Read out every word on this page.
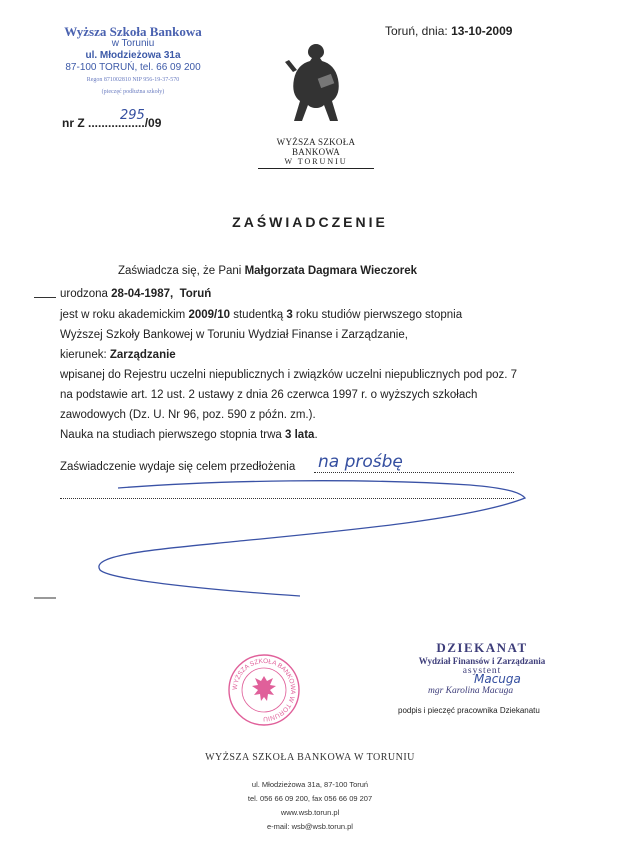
Wyższa Szkoła Bankowa
w Toruniu
ul. Młodzieżowa 31a
87-100 TORUŃ, tel. 66 09 200
Regon 871002810 NIP 956-19-37-570
(pieczęć podłużna szkoły)
Toruń, dnia: 13-10-2009
nr Z ................./09
295
WYŻSZA SZKOŁA BANKOWA
W TORUNIU
ZAŚWIADCZENIE
Zaświadcza się, że Pani Małgorzata Dagmara Wieczorek
urodzona 28-04-1987, Toruń
jest w roku akademickim 2009/10 studentką 3 roku studiów pierwszego stopnia
Wyższej Szkoły Bankowej w Toruniu Wydział Finanse i Zarządzanie,
kierunek: Zarządzanie
wpisanej do Rejestru uczelni niepublicznych i związków uczelni niepublicznych pod poz. 7
na podstawie art. 12 ust. 2 ustawy z dnia 26 czerwca 1997 r. o wyższych szkołach
zawodowych (Dz. U. Nr 96, poz. 590 z późn. zm.).
Nauka na studiach pierwszego stopnia trwa 3 lata.
Zaświadczenie wydaje się celem przedłożenia na prośbę
DZIEKANAT
Wydział Finansów i Zarządzania
asystent
Macuga
mgr Karolina Macuga
podpis i pieczęć pracownika Dziekanatu
WYŻSZA SZKOŁA BANKOWA W TORUNIU
WYŻSZA SZKOŁA BANKOWA W TORUNIU
ul. Młodzieżowa 31a, 87-100 Toruń
tel. 056 66 09 200, fax 056 66 09 207
www.wsb.torun.pl
e-mail: wsb@wsb.torun.pl
